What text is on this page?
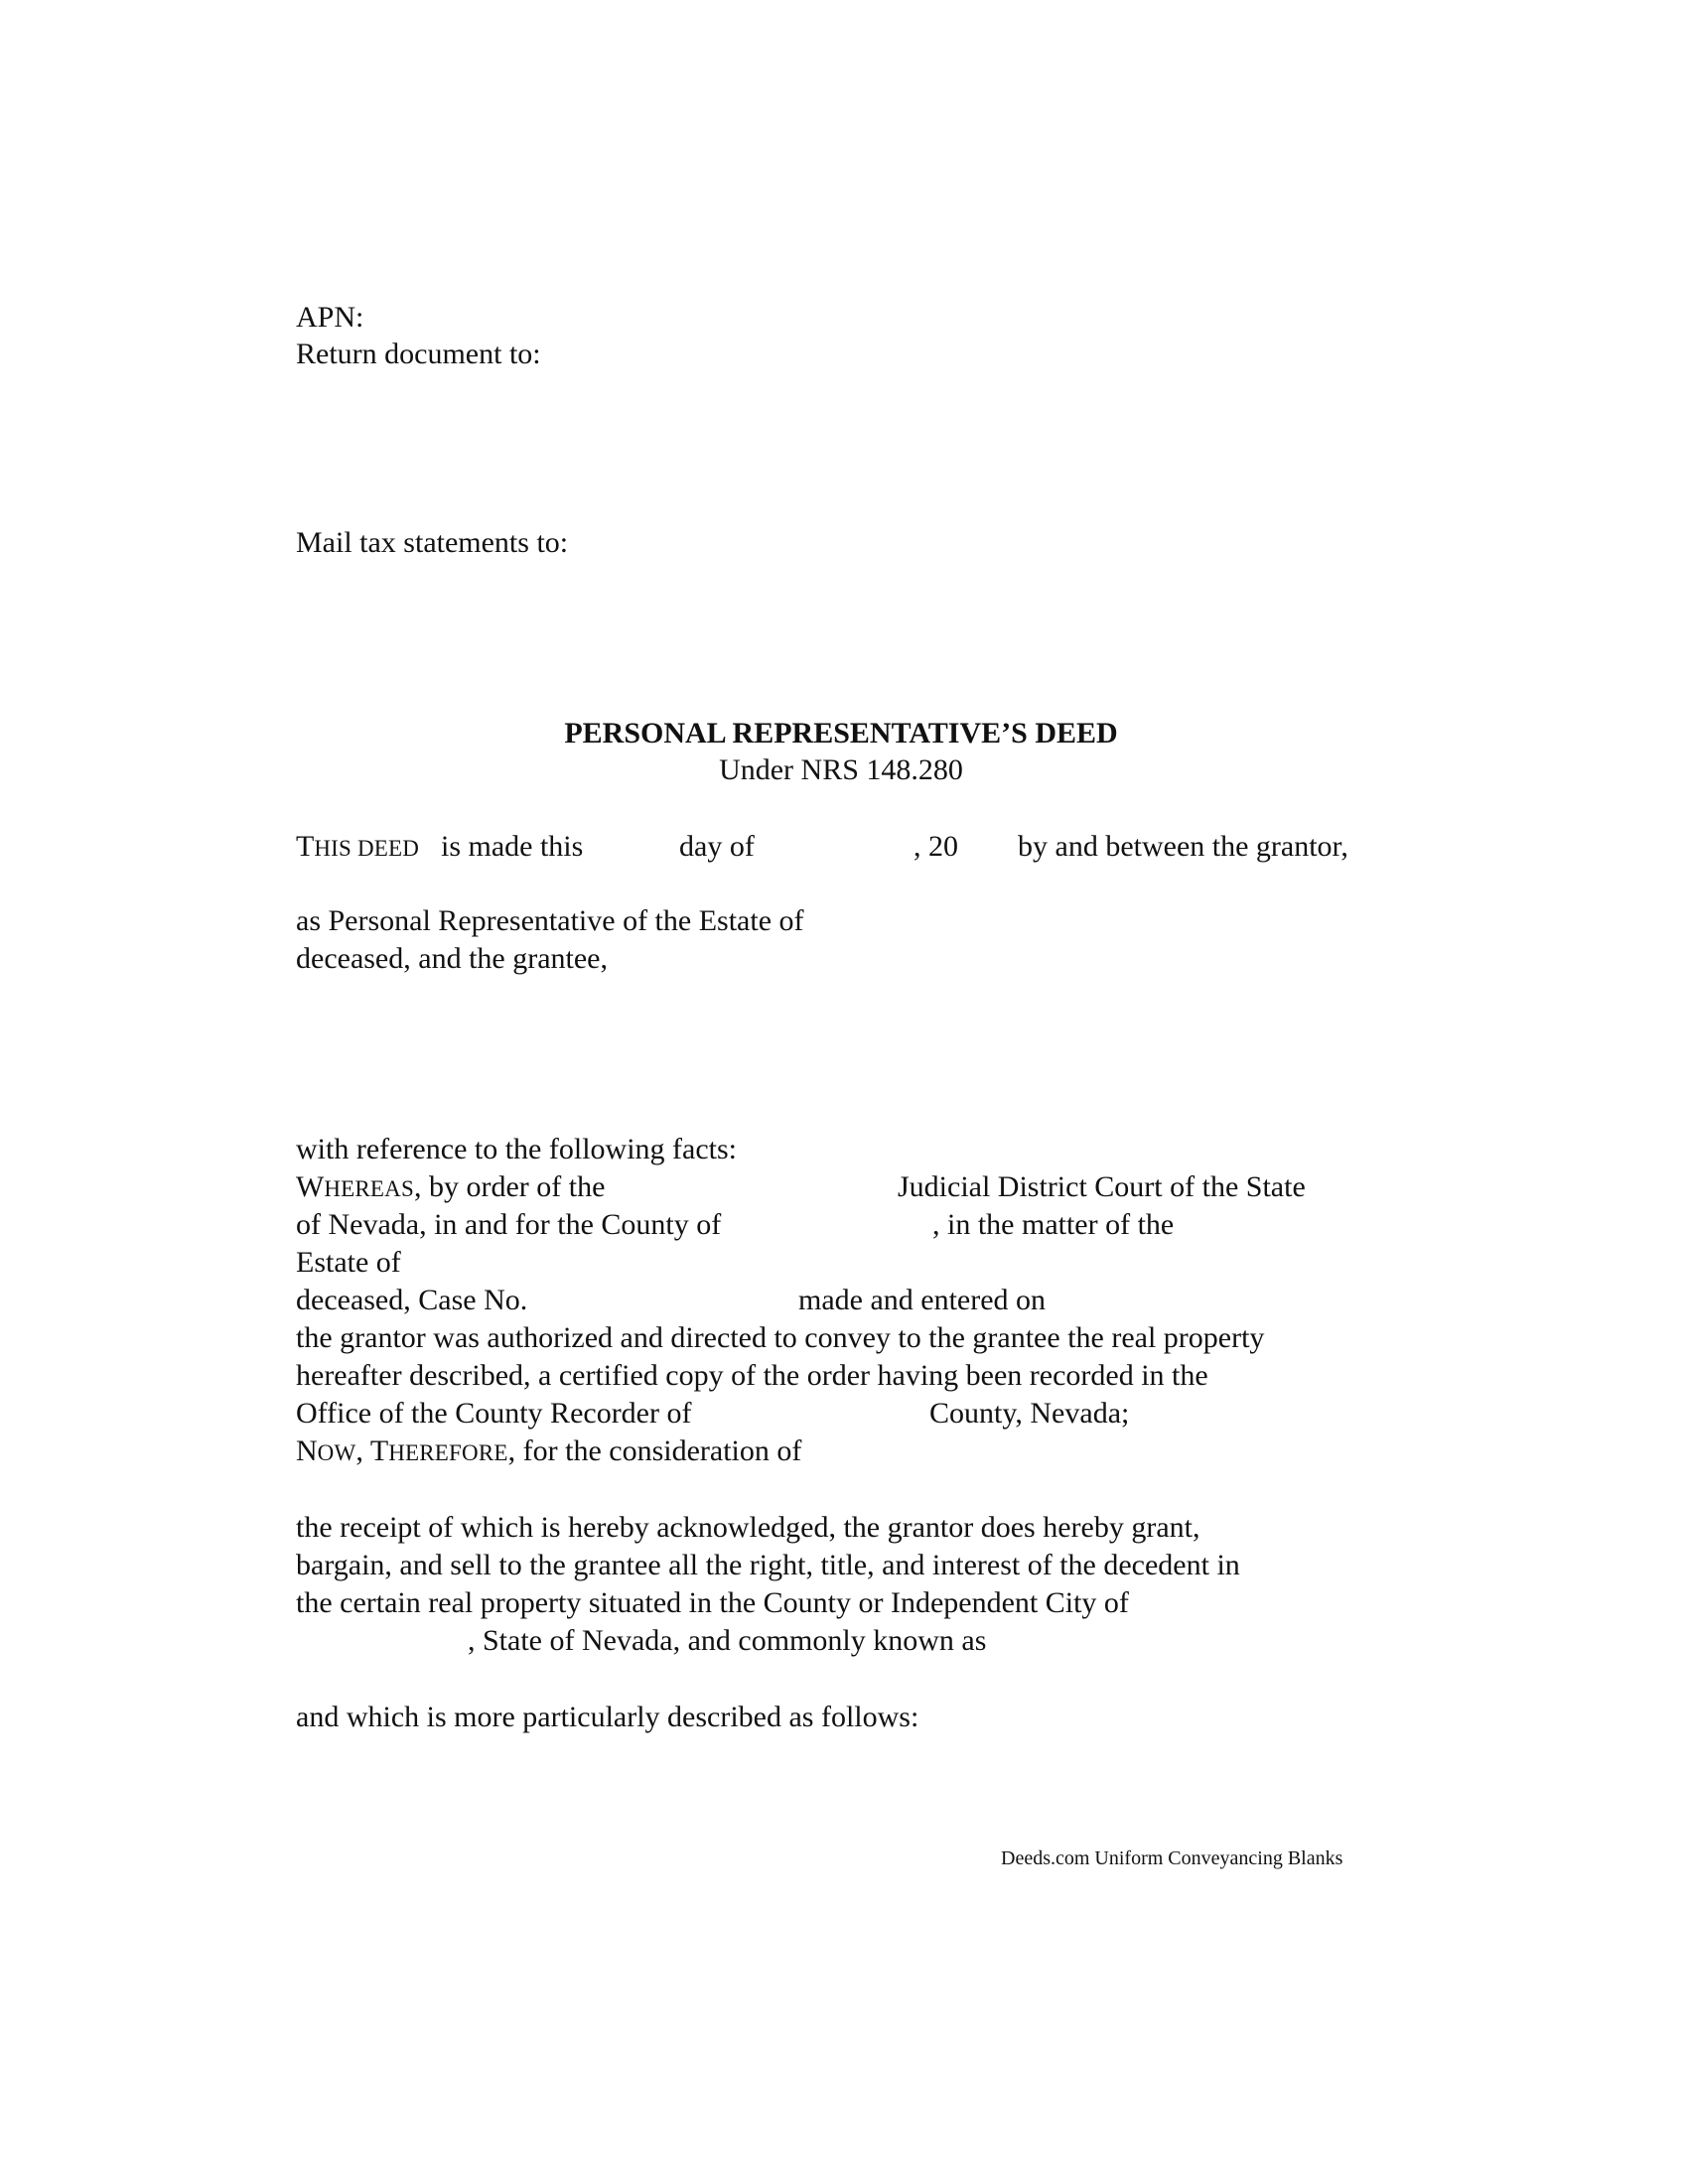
APN:
Return document to:
Mail tax statements to:
PERSONAL REPRESENTATIVE’S DEED
Under NRS 148.280
THIS DEED is made this	day of	, 20 by and between the grantor,
as Personal Representative of the Estate of
deceased, and the grantee,
with reference to the following facts:
WHEREAS, by order of the	Judicial District Court of the State
of Nevada, in and for the County of	, in the matter of the
Estate of
deceased, Case No.	made and entered on
the grantor was authorized and directed to convey to the grantee the real property
hereafter described, a certified copy of the order having been recorded in the
Office of the County Recorder of	County, Nevada;
NOW, THEREFORE, for the consideration of
the receipt of which is hereby acknowledged, the grantor does hereby grant,
bargain, and sell to the grantee all the right, title, and interest of the decedent in
the certain real property situated in the County or Independent City of
, State of Nevada, and commonly known as
and which is more particularly described as follows:
Deeds.com Uniform Conveyancing Blanks
